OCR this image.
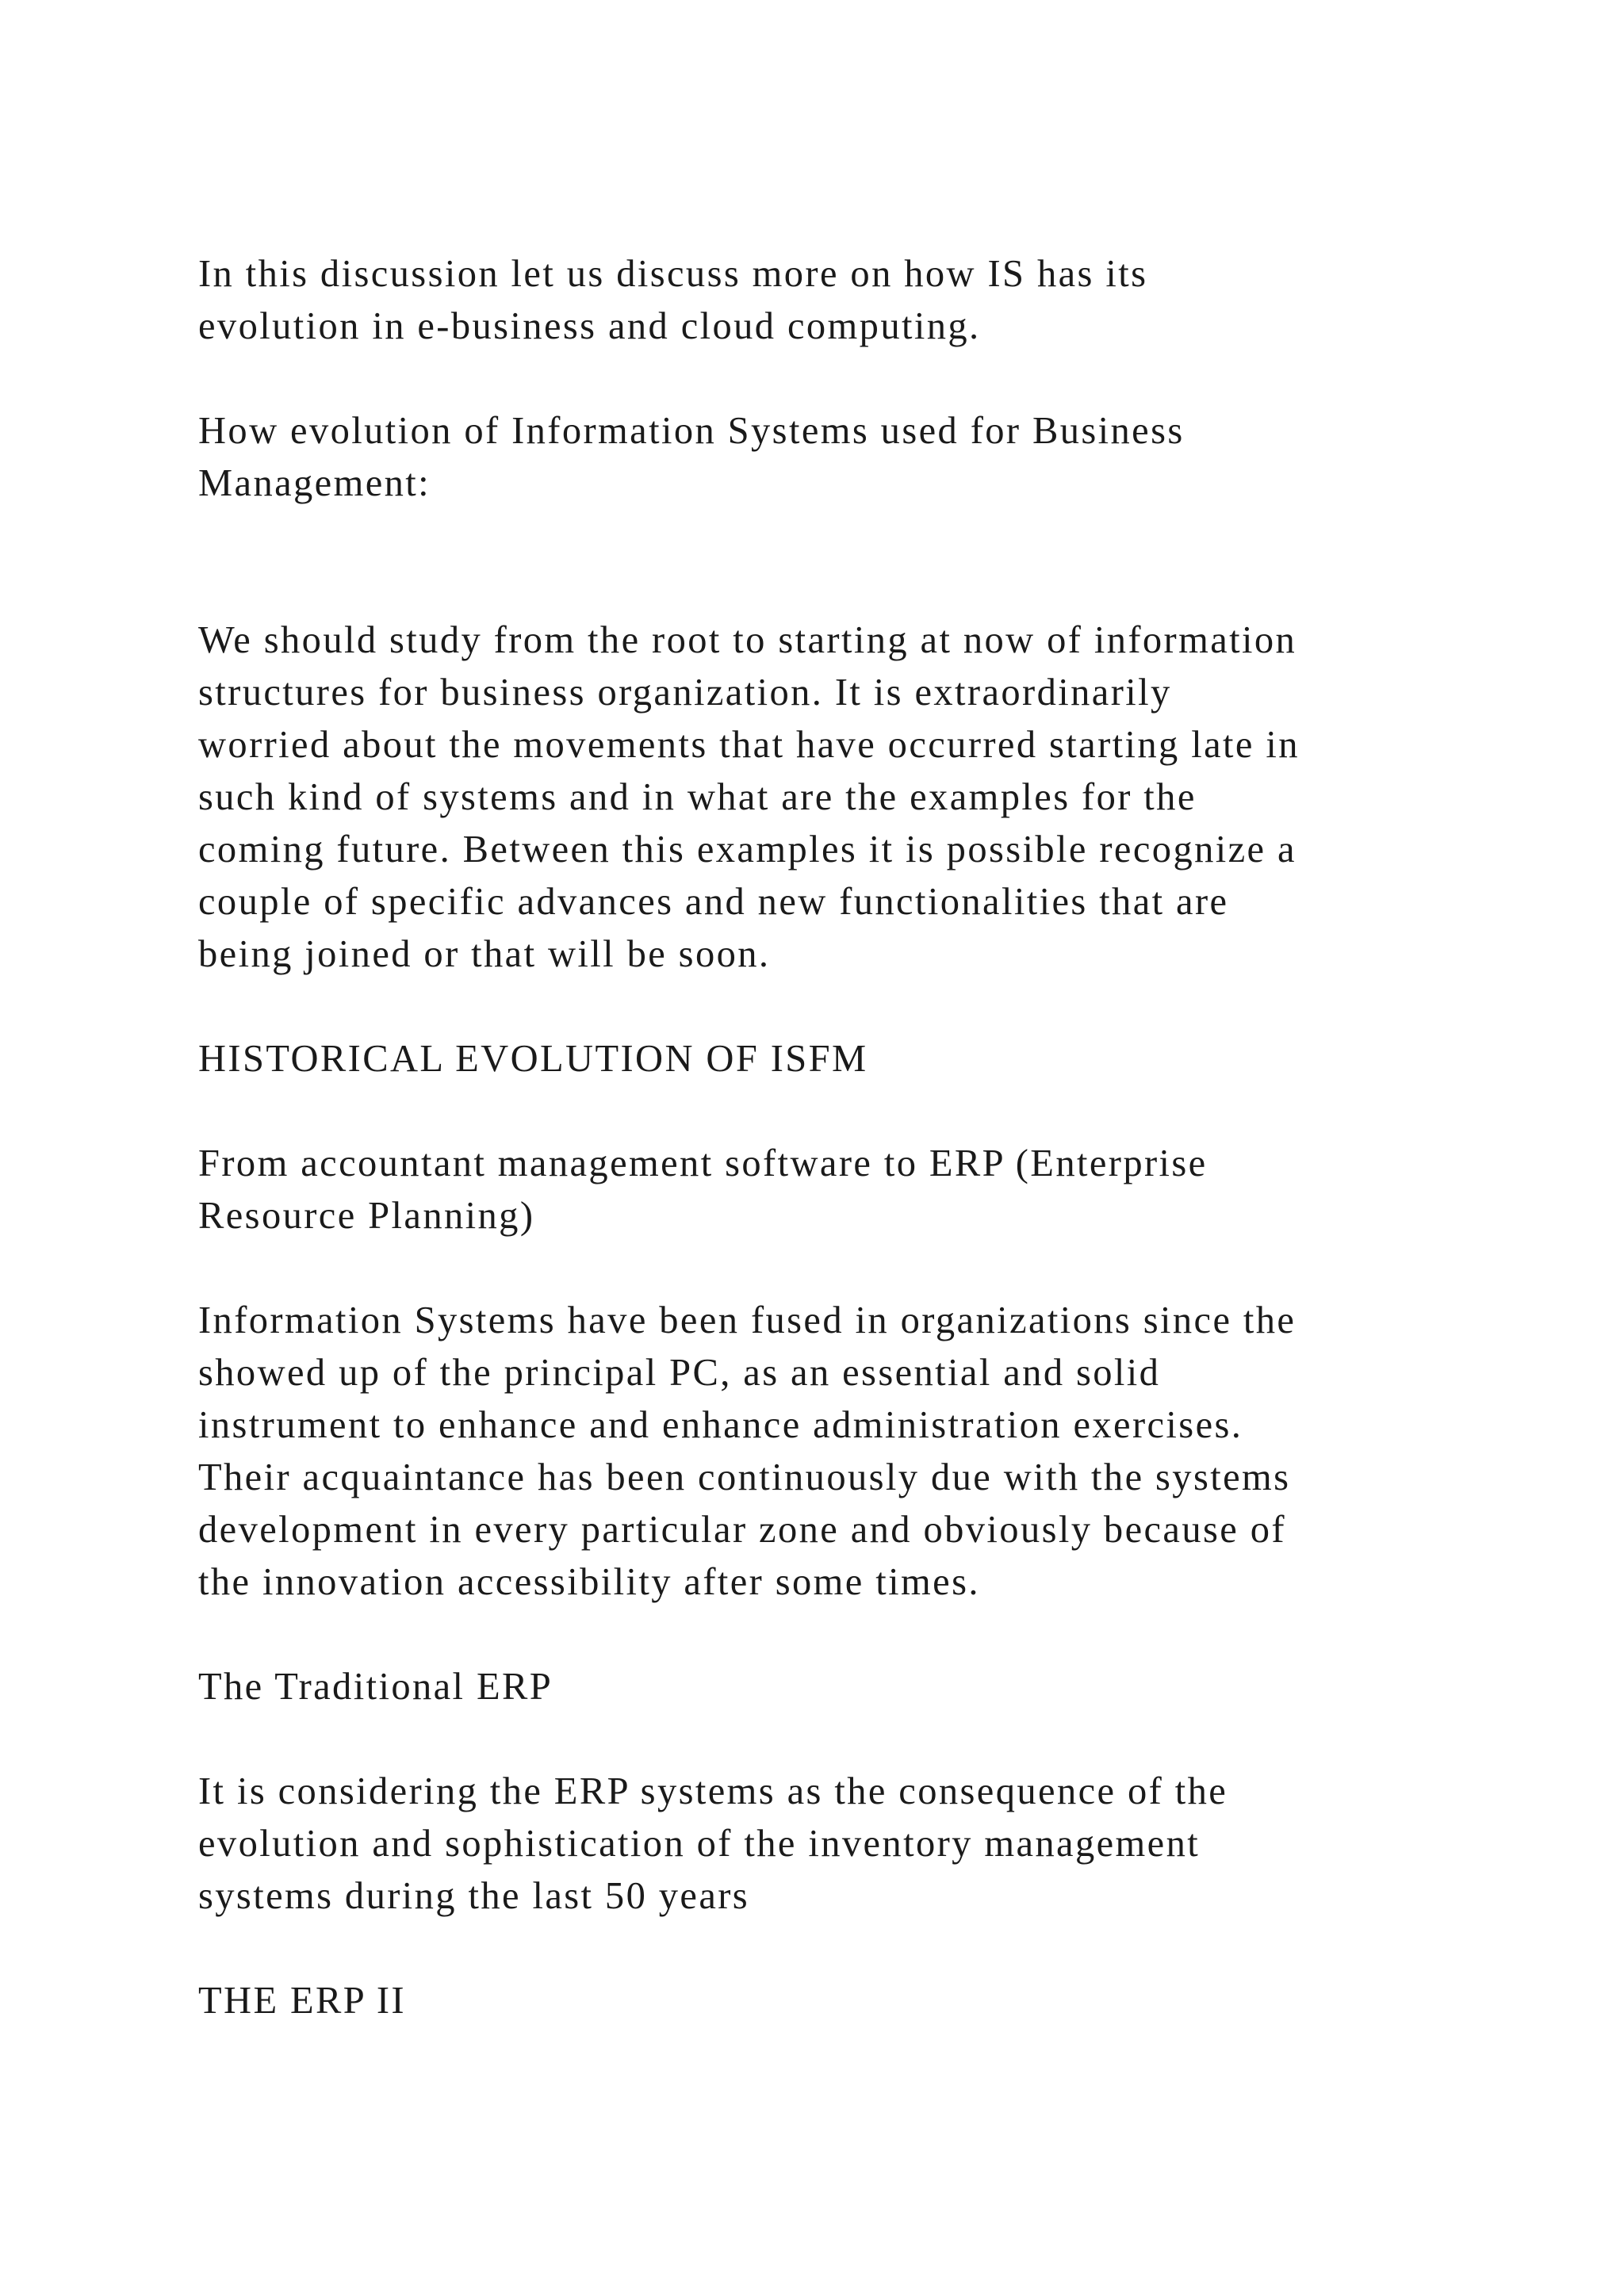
In this discussion let us discuss more on how IS has its
evolution in e-business and cloud computing.

How evolution of Information Systems used for Business
Management:

We should study from the root to starting at now of information
structures for business organization. It is extraordinarily
worried about the movements that have occurred starting late in
such kind of systems and in what are the examples for the
coming future. Between this examples it is possible recognize a
couple of specific advances and new functionalities that are
being joined or that will be soon.

HISTORICAL EVOLUTION OF ISFM

From accountant management software to ERP (Enterprise
Resource Planning)

Information Systems have been fused in organizations since the
showed up of the principal PC, as an essential and solid
instrument to enhance and enhance administration exercises.
Their acquaintance has been continuously due with the systems
development in every particular zone and obviously because of
the innovation accessibility after some times.

The Traditional ERP

It is considering the ERP systems as the consequence of the
evolution and sophistication of the inventory management
systems during the last 50 years

THE ERP II
